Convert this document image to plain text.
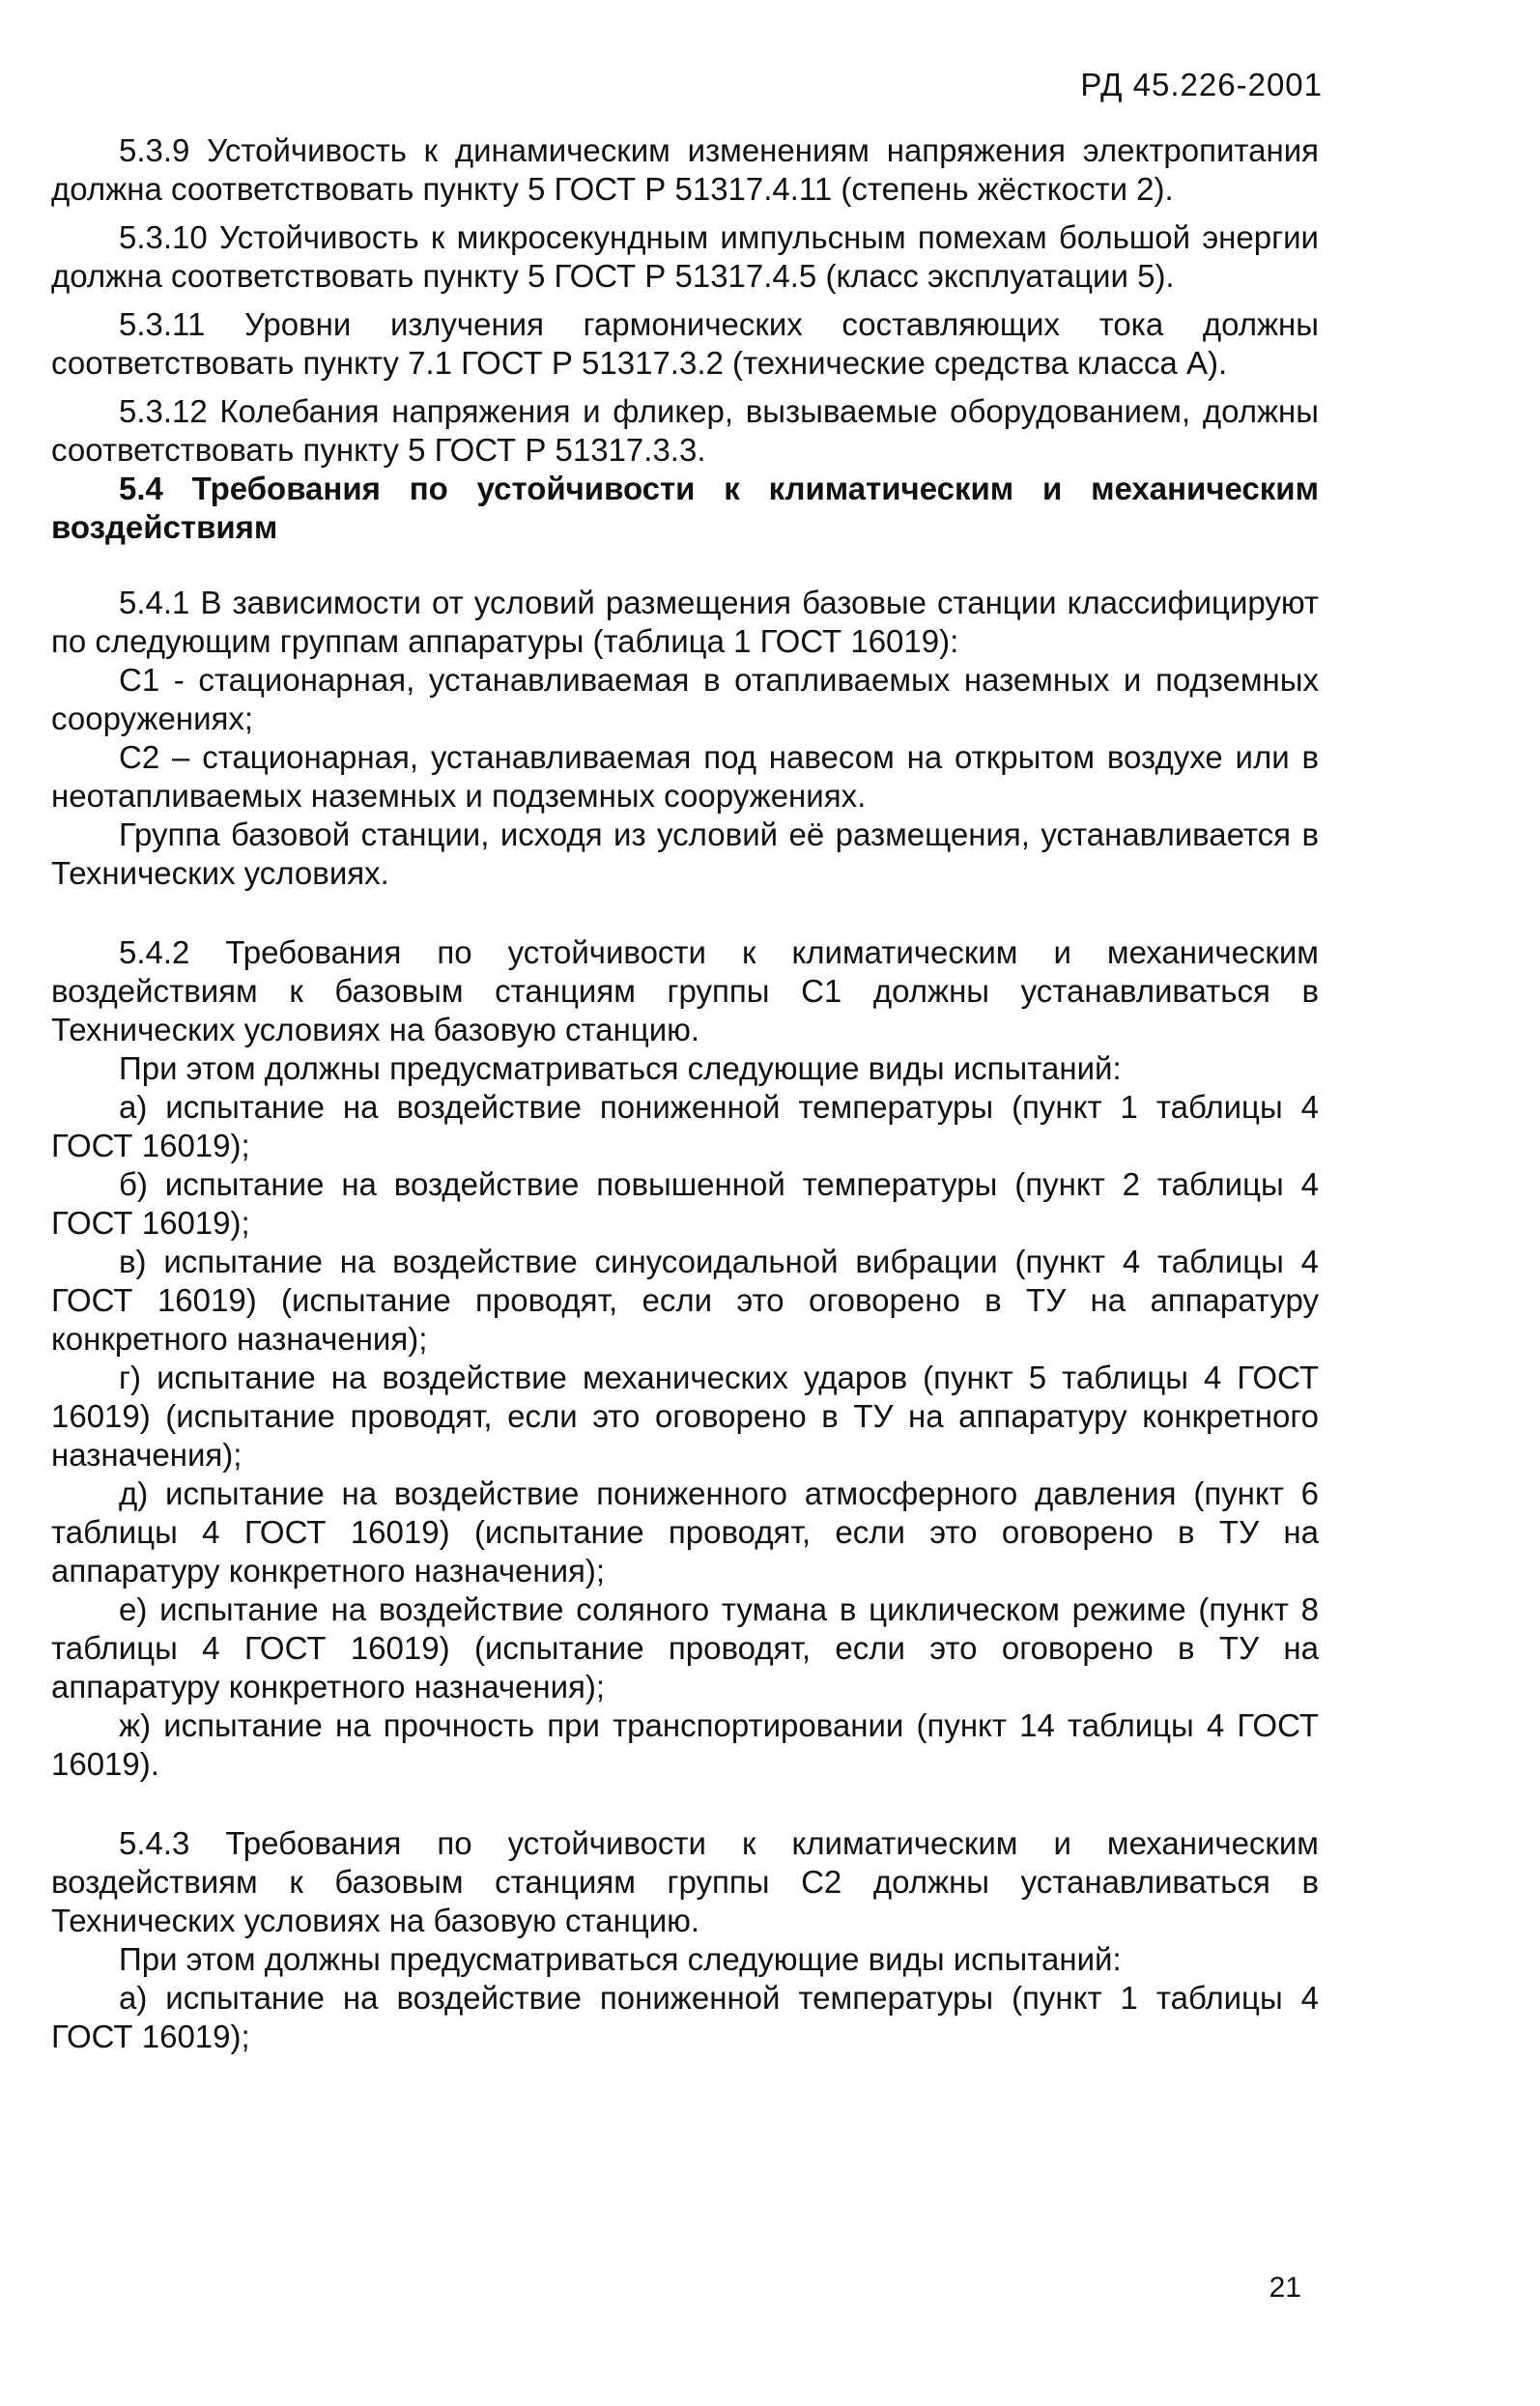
РД 45.226-2001

5.3.9 Устойчивость к динамическим изменениям напряжения электропитания должна соответствовать пункту 5 ГОСТ Р 51317.4.11 (степень жёсткости 2).

5.3.10 Устойчивость к микросекундным импульсным помехам большой энергии должна соответствовать пункту 5 ГОСТ Р 51317.4.5 (класс эксплуатации 5).

5.3.11 Уровни излучения гармонических составляющих тока должны соответствовать пункту 7.1 ГОСТ Р 51317.3.2 (технические средства класса А).

5.3.12 Колебания напряжения и фликер, вызываемые оборудованием, должны соответствовать пункту 5 ГОСТ Р 51317.3.3.

5.4 Требования по устойчивости к климатическим и механическим воздействиям

5.4.1 В зависимости от условий размещения базовые станции классифицируют по следующим группам аппаратуры (таблица 1 ГОСТ 16019):

С1 - стационарная, устанавливаемая в отапливаемых наземных и подземных сооружениях;

С2 – стационарная, устанавливаемая под навесом на открытом воздухе или в неотапливаемых наземных и подземных сооружениях.

Группа базовой станции, исходя из условий её размещения, устанавливается в Технических условиях.

5.4.2 Требования по устойчивости к климатическим и механическим воздействиям к базовым станциям группы С1 должны устанавливаться в Технических условиях на базовую станцию.

При этом должны предусматриваться следующие виды испытаний:

а) испытание на воздействие пониженной температуры (пункт 1 таблицы 4 ГОСТ 16019);

б) испытание на воздействие повышенной температуры (пункт 2 таблицы 4 ГОСТ 16019);

в) испытание на воздействие синусоидальной вибрации (пункт 4 таблицы 4 ГОСТ 16019) (испытание проводят, если это оговорено в ТУ на аппаратуру конкретного назначения);

г) испытание на воздействие механических ударов (пункт 5 таблицы 4 ГОСТ 16019) (испытание проводят, если это оговорено в ТУ на аппаратуру конкретного назначения);

д) испытание на воздействие пониженного атмосферного давления (пункт 6 таблицы 4 ГОСТ 16019) (испытание проводят, если это оговорено в ТУ на аппаратуру конкретного назначения);

е) испытание на воздействие соляного тумана в циклическом режиме (пункт 8 таблицы 4 ГОСТ 16019) (испытание проводят, если это оговорено в ТУ на аппаратуру конкретного назначения);

ж) испытание на прочность при транспортировании (пункт 14 таблицы 4 ГОСТ 16019).

5.4.3 Требования по устойчивости к климатическим и механическим воздействиям к базовым станциям группы С2 должны устанавливаться в Технических условиях на базовую станцию.

При этом должны предусматриваться следующие виды испытаний:

а) испытание на воздействие пониженной температуры (пункт 1 таблицы 4 ГОСТ 16019);

21
